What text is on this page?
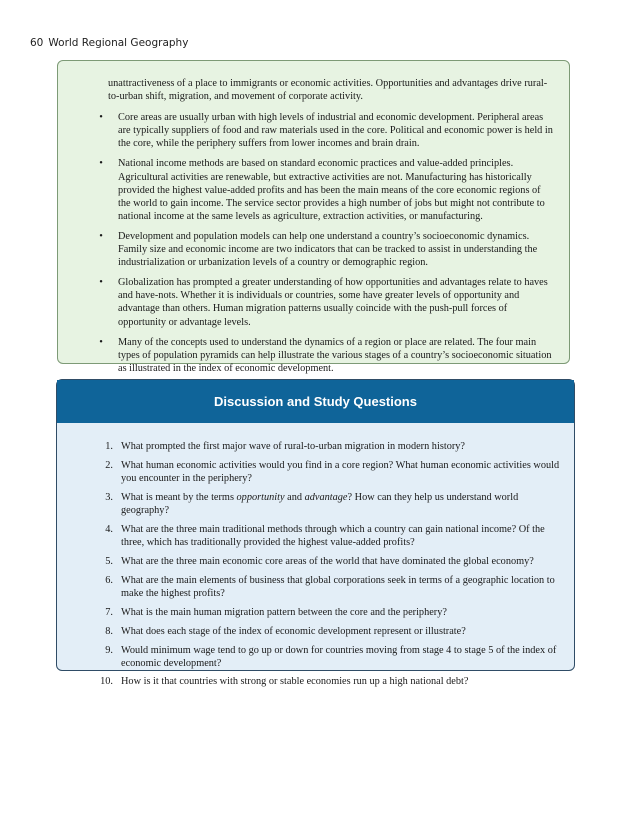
60 World Regional Geography

unattractiveness of a place to immigrants or economic activities. Opportunities and advantages drive rural-to-urban shift, migration, and movement of corporate activity.

•	Core areas are usually urban with high levels of industrial and economic development. Peripheral areas are typically suppliers of food and raw materials used in the core. Political and economic power is held in the core, while the periphery suffers from lower incomes and brain drain.
•	National income methods are based on standard economic practices and value-added principles. Agricultural activities are renewable, but extractive activities are not. Manufacturing has historically provided the highest value-added profits and has been the main means of the core economic regions of the world to gain income. The service sector provides a high number of jobs but might not contribute to national income at the same levels as agriculture, extraction activities, or manufacturing.
•	Development and population models can help one understand a country’s socioeconomic dynamics. Family size and economic income are two indicators that can be tracked to assist in understanding the industrialization or urbanization levels of a country or demographic region.
•	Globalization has prompted a greater understanding of how opportunities and advantages relate to haves and have-nots. Whether it is individuals or countries, some have greater levels of opportunity and advantage than others. Human migration patterns usually coincide with the push-pull forces of opportunity or advantage levels.
•	Many of the concepts used to understand the dynamics of a region or place are related. The four main types of population pyramids can help illustrate the various stages of a country’s socioeconomic situation as illustrated in the index of economic development.
Discussion and Study Questions
1. What prompted the first major wave of rural-to-urban migration in modern history?
2. What human economic activities would you find in a core region? What human economic activities would you encounter in the periphery?
3. What is meant by the terms opportunity and advantage? How can they help us understand world geography?
4. What are the three main traditional methods through which a country can gain national income? Of the three, which has traditionally provided the highest value-added profits?
5. What are the three main economic core areas of the world that have dominated the global economy?
6. What are the main elements of business that global corporations seek in terms of a geographic location to make the highest profits?
7. What is the main human migration pattern between the core and the periphery?
8. What does each stage of the index of economic development represent or illustrate?
9. Would minimum wage tend to go up or down for countries moving from stage 4 to stage 5 of the index of economic development?
10. How is it that countries with strong or stable economies run up a high national debt?
